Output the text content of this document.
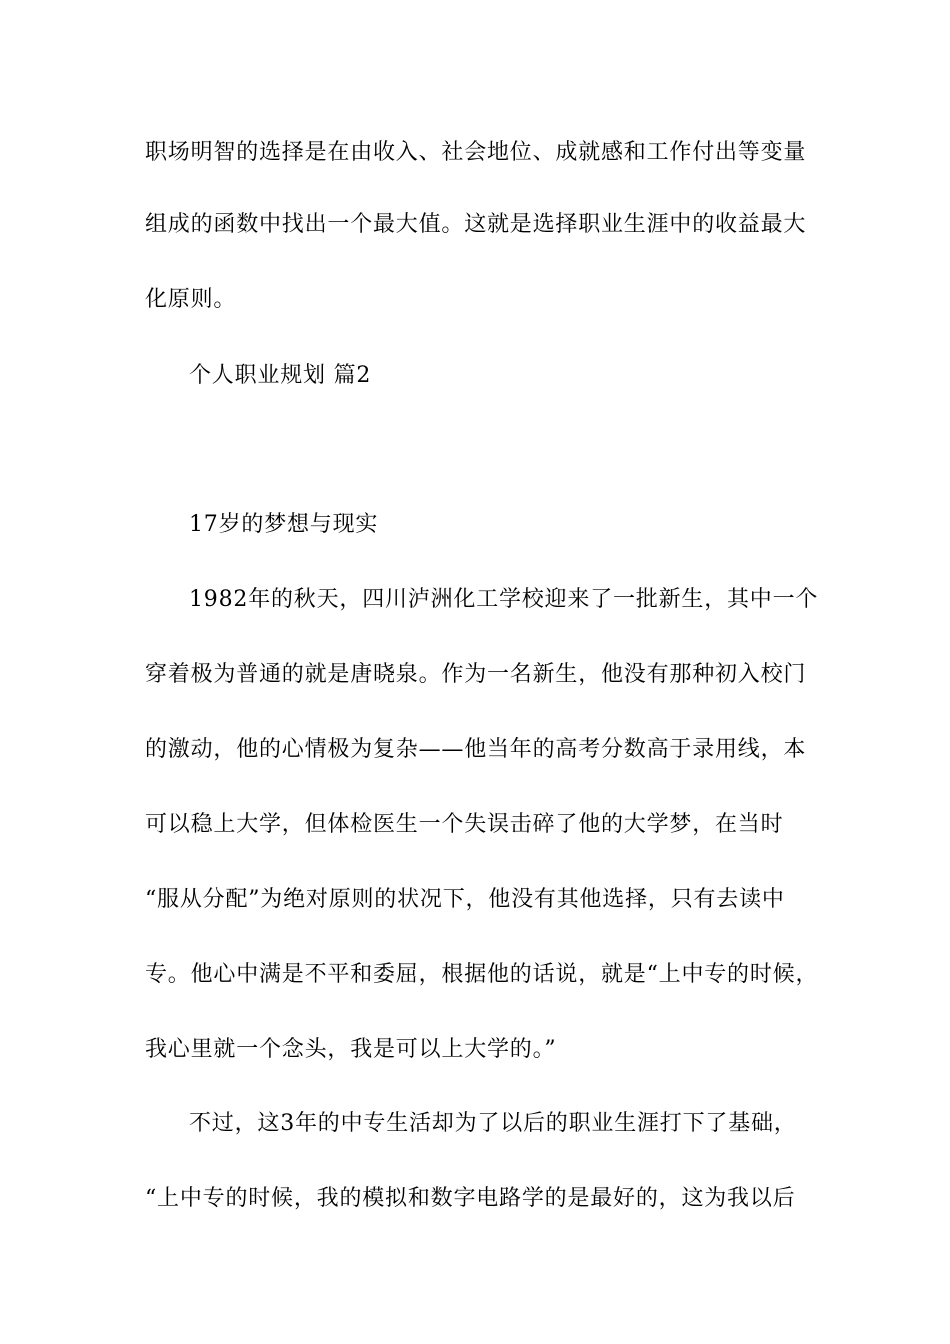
职场明智的选择是在由收入、社会地位、成就感和工作付出等变量
组成的函数中找出一个最大值。这就是选择职业生涯中的收益最大
化原则。
个人职业规划 篇2
17岁的梦想与现实
1982年的秋天，四川泸洲化工学校迎来了一批新生，其中一个
穿着极为普通的就是唐晓泉。作为一名新生，他没有那种初入校门
的激动，他的心情极为复杂——他当年的高考分数高于录用线，本
可以稳上大学，但体检医生一个失误击碎了他的大学梦，在当时
“服从分配”为绝对原则的状况下，他没有其他选择，只有去读中
专。他心中满是不平和委屈，根据他的话说，就是“上中专的时候，
我心里就一个念头，我是可以上大学的。”
不过，这3年的中专生活却为了以后的职业生涯打下了基础，
“上中专的时候，我的模拟和数字电路学的是最好的，这为我以后
